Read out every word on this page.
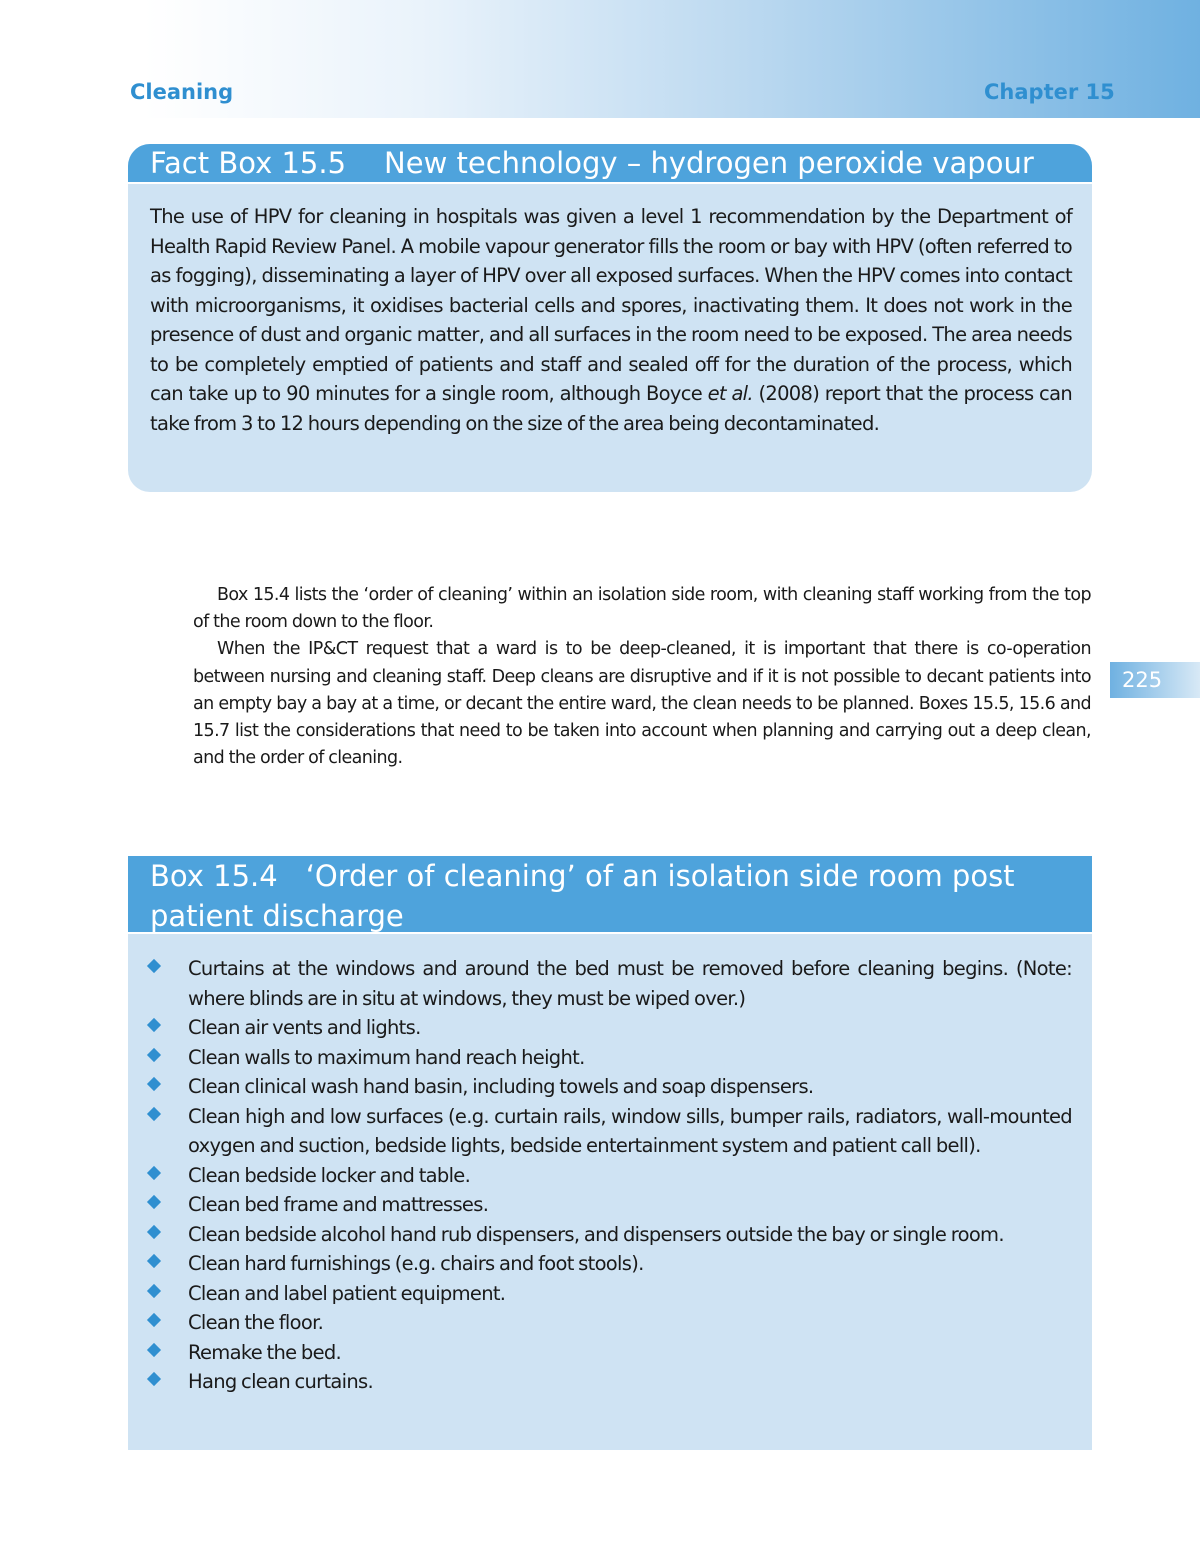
Cleaning	Chapter 15
Fact Box 15.5 New technology – hydrogen peroxide vapour
The use of HPV for cleaning in hospitals was given a level 1 recommendation by the Department of Health Rapid Review Panel. A mobile vapour generator fills the room or bay with HPV (often referred to as fogging), disseminating a layer of HPV over all exposed surfaces. When the HPV comes into contact with microorganisms, it oxidises bacterial cells and spores, inactivating them. It does not work in the presence of dust and organic matter, and all surfaces in the room need to be exposed. The area needs to be completely emptied of patients and staff and sealed off for the duration of the process, which can take up to 90 minutes for a single room, although Boyce et al. (2008) report that the process can take from 3 to 12 hours depending on the size of the area being decontaminated.

Box 15.4 lists the ‘order of cleaning’ within an isolation side room, with cleaning staff working from the top of the room down to the floor.

When the IP&CT request that a ward is to be deep-cleaned, it is important that there is co-operation between nursing and cleaning staff. Deep cleans are disruptive and if it is not possible to decant patients into an empty bay a bay at a time, or decant the entire ward, the clean needs to be planned. Boxes 15.5, 15.6 and 15.7 list the considerations that need to be taken into account when planning and carrying out a deep clean, and the order of cleaning.

225
Box 15.4 ‘Order of cleaning’ of an isolation side room post
patient discharge
Curtains at the windows and around the bed must be removed before cleaning begins. (Note: where blinds are in situ at windows, they must be wiped over.)
Clean air vents and lights.
Clean walls to maximum hand reach height.
Clean clinical wash hand basin, including towels and soap dispensers.
Clean high and low surfaces (e.g. curtain rails, window sills, bumper rails, radiators, wall-mounted oxygen and suction, bedside lights, bedside entertainment system and patient call bell).
Clean bedside locker and table.
Clean bed frame and mattresses.
Clean bedside alcohol hand rub dispensers, and dispensers outside the bay or single room.
Clean hard furnishings (e.g. chairs and foot stools).
Clean and label patient equipment.
Clean the floor.
Remake the bed.
Hang clean curtains.
